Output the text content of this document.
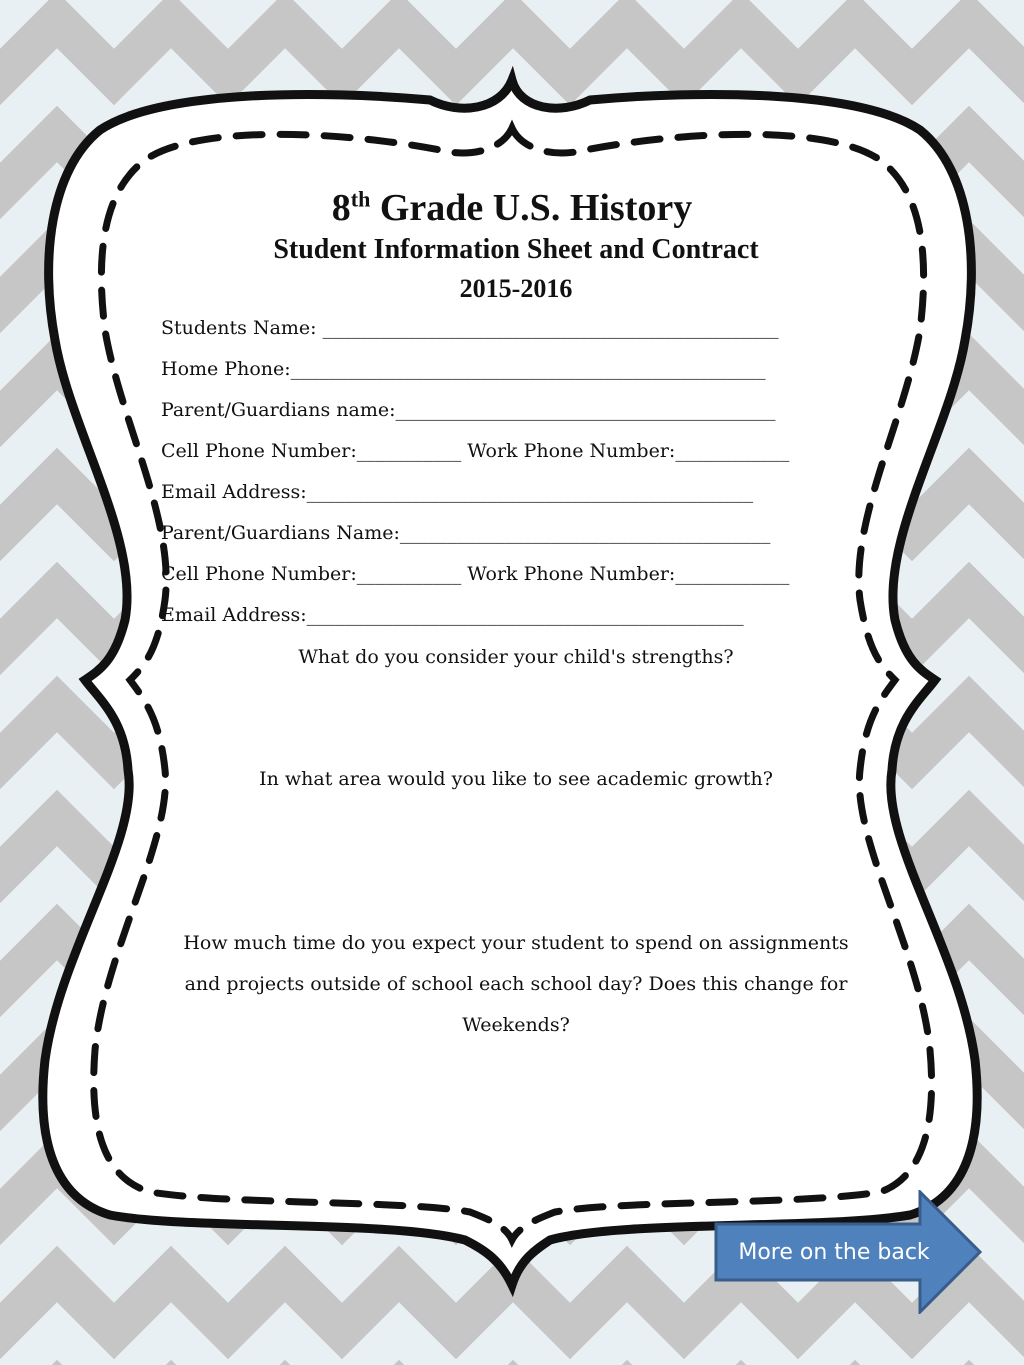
8th Grade U.S. History
Student Information Sheet and Contract
2015-2016
Students Name: ________________________________________________
Home Phone:__________________________________________________
Parent/Guardians name:________________________________________
Cell Phone Number:___________ Work Phone Number:____________
Email Address:_______________________________________________
Parent/Guardians Name:_______________________________________
Cell Phone Number:___________ Work Phone Number:____________
Email Address:______________________________________________
What do you consider your child's strengths?
In what area would you like to see academic growth?
How much time do you expect your student to spend on assignments
and projects outside of school each school day? Does this change for
Weekends?
More on the back
